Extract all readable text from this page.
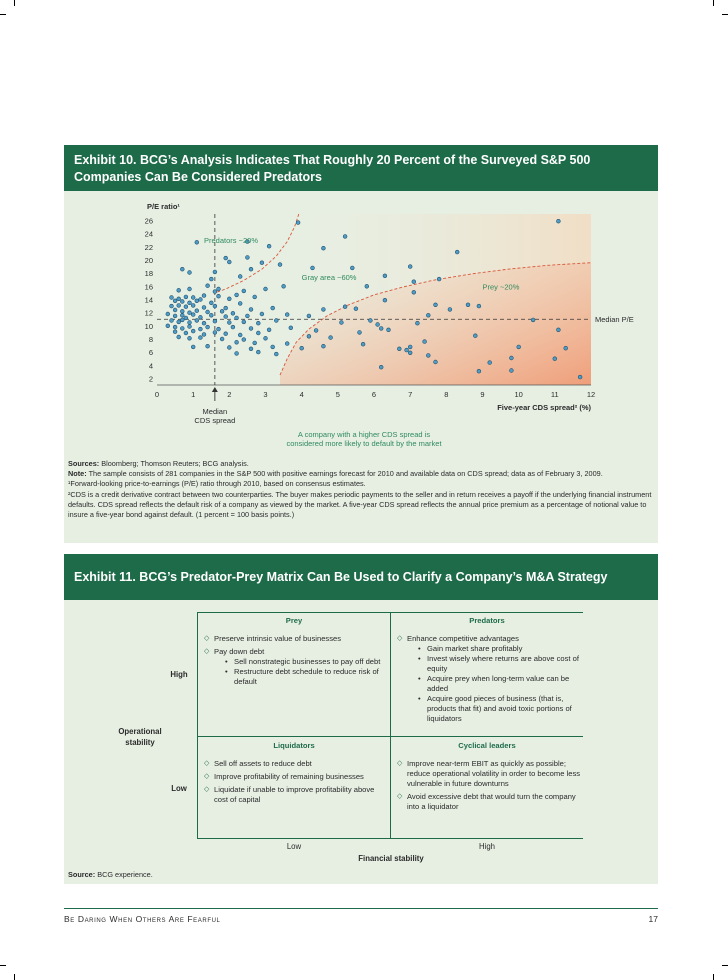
Exhibit 10. BCG’s Analysis Indicates That Roughly 20 Percent of the Surveyed S&P 500 Companies Can Be Considered Predators
0	1	2	3	4	5	6	7	8	9	10	11	12
2
4
6
8
10
12
14
16
18
20
22
24
26
P/E ratio¹
Five-year CDS spread² (%)
Predators ~20%
Gray area ~60%
Prey ~20%
Median P/E
Median
CDS spread
A company with a higher CDS spread is
considered more likely to default by the market

Sources: Bloomberg; Thomson Reuters; BCG analysis.

Note: The sample consists of 281 companies in the S&P 500 with positive earnings forecast for 2010 and available data on CDS spread; data as of February 3, 2009.

¹Forward-looking price-to-earnings (P/E) ratio through 2010, based on consensus estimates.

²CDS is a credit derivative contract between two counterparties. The buyer makes periodic payments to the seller and in return receives a payoff if the underlying financial instrument defaults. CDS spread reflects the default risk of a company as viewed by the market. A five-year CDS spread reflects the annual price premium as a percentage of notional value to insure a five-year bond against default. (1 percent = 100 basis points.)

Exhibit 11. BCG’s Predator-Prey Matrix Can Be Used to Clarify a Company’s M&A Strategy
Prey	Predators
Liquidators	Cyclical leaders
◇ Preserve intrinsic value of businesses
◇ Pay down debt
• Sell nonstrategic businesses to pay off debt
• Restructure debt schedule to reduce risk of default
◇ Enhance competitive advantages
• Gain market share profitably
• Invest wisely where returns are above cost of equity
• Acquire prey when long-term value can be added
• Acquire good pieces of business (that is, products that fit) and avoid toxic portions of liquidators
◇ Sell off assets to reduce debt
◇ Improve profitability of remaining businesses
◇ Liquidate if unable to improve profitability above cost of capital
◇ Improve near-term EBIT as quickly as possible; reduce operational volatility in order to become less vulnerable in future downturns
◇ Avoid excessive debt that would turn the company into a liquidator
High
Low
Operational
stability
Low	High
Financial stability
Source: BCG experience.
Be Daring When Others Are Fearful	17
